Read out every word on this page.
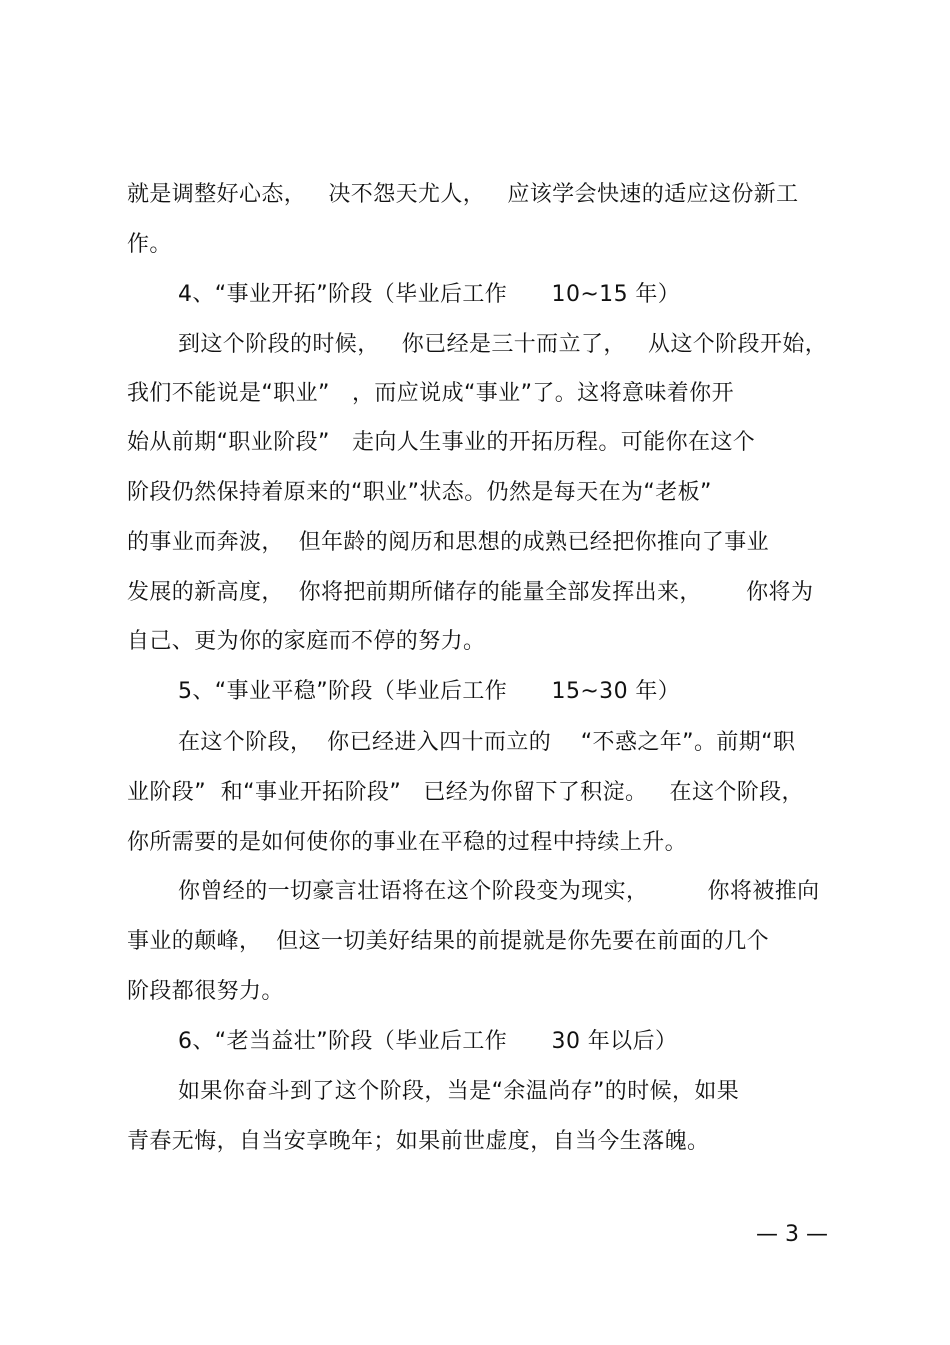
就是调整好心态，   决不怨天尤人，   应该学会快速的适应这份新工
作。
4、“事业开拓”阶段（毕业后工作      10~15 年）
到这个阶段的时候，   你已经是三十而立了，   从这个阶段开始，
我们不能说是“职业”   ，而应说成“事业”了。这将意味着你开
始从前期“职业阶段”   走向人生事业的开拓历程。可能你在这个
阶段仍然保持着原来的“职业”状态。仍然是每天在为“老板”
的事业而奔波，  但年龄的阅历和思想的成熟已经把你推向了事业
发展的新高度，  你将把前期所储存的能量全部发挥出来，      你将为
自己、更为你的家庭而不停的努力。
5、“事业平稳”阶段（毕业后工作      15~30 年）
在这个阶段，  你已经进入四十而立的    “不惑之年”。前期“职
业阶段”  和“事业开拓阶段”   已经为你留下了积淀。   在这个阶段，
你所需要的是如何使你的事业在平稳的过程中持续上升。
你曾经的一切豪言壮语将在这个阶段变为现实，        你将被推向
事业的颠峰，  但这一切美好结果的前提就是你先要在前面的几个
阶段都很努力。
6、“老当益壮”阶段（毕业后工作      30 年以后）
如果你奋斗到了这个阶段，当是“余温尚存”的时候，如果
青春无悔，自当安享晚年；如果前世虚度，自当今生落魄。
— 3 —
